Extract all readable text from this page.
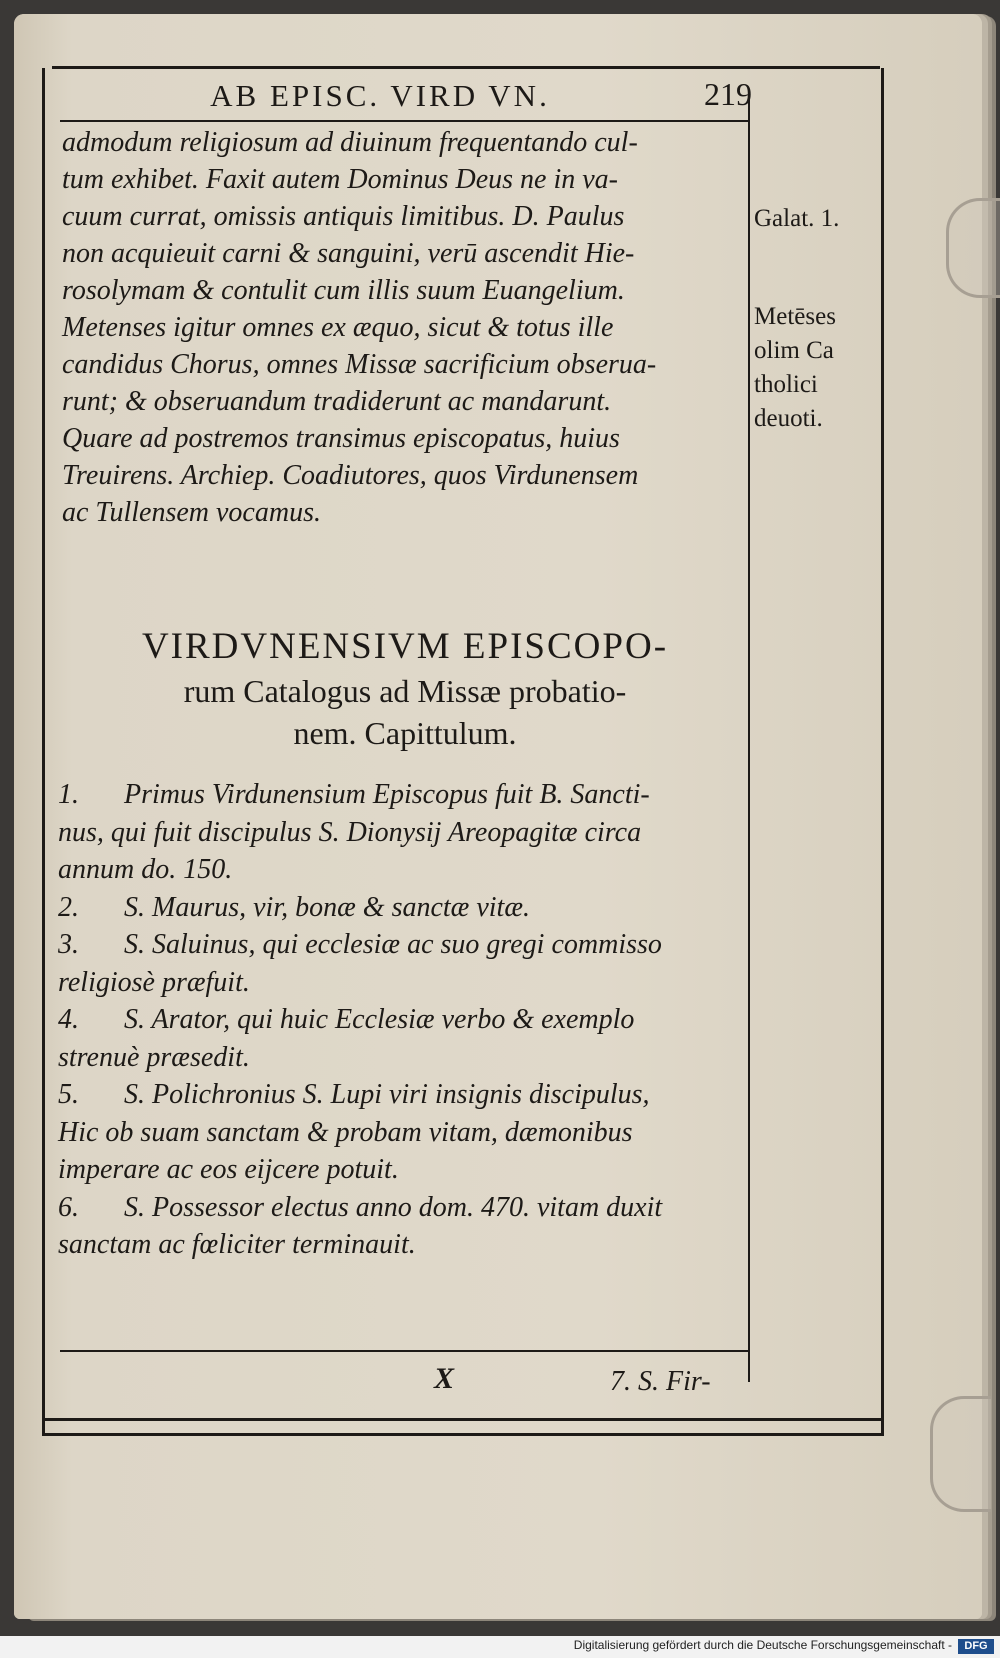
AB EPISC. VIRD VN.	219
admodum religiosum ad diuinum frequentando cul-
tum exhibet. Faxit autem Dominus Deus ne in va-
cuum currat, omissis antiquis limitibus. D. Paulus
non acquieuit carni & sanguini, verū ascendit Hie-
rosolymam & contulit cum illis suum Euangelium.
Metenses igitur omnes ex æquo, sicut & totus ille
candidus Chorus, omnes Missæ sacrificium obserua-
runt; & obseruandum tradiderunt ac mandarunt.
Quare ad postremos transimus episcopatus, huius
Treuirens. Archiep. Coadiutores, quos Virdunensem
ac Tullensem vocamus.
VIRDVNENSIVM EPISCOPO-
rum Catalogus ad Missæ probatio-
nem. Capittulum.
1. Primus Virdunensium Episcopus fuit B. Sancti-
nus, qui fuit discipulus S. Dionysij Areopagitæ circa
annum do. 150.
2. S. Maurus, vir, bonæ & sanctæ vitæ.
3. S. Saluinus, qui ecclesiæ ac suo gregi commisso
religiosè præfuit.
4. S. Arator, qui huic Ecclesiæ verbo & exemplo
strenuè præsedit.
5. S. Polichronius S. Lupi viri insignis discipulus,
Hic ob suam sanctam & probam vitam, dæmonibus
imperare ac eos eijcere potuit.
6. S. Possessor electus anno dom. 470. vitam duxit
sanctam ac fœliciter terminauit.
Galat. 1.
Metēses
olim Ca
tholici
deuoti.
X	7. S. Fir-
Digitalisierung gefördert durch die Deutsche Forschungsgemeinschaft -	DFG
